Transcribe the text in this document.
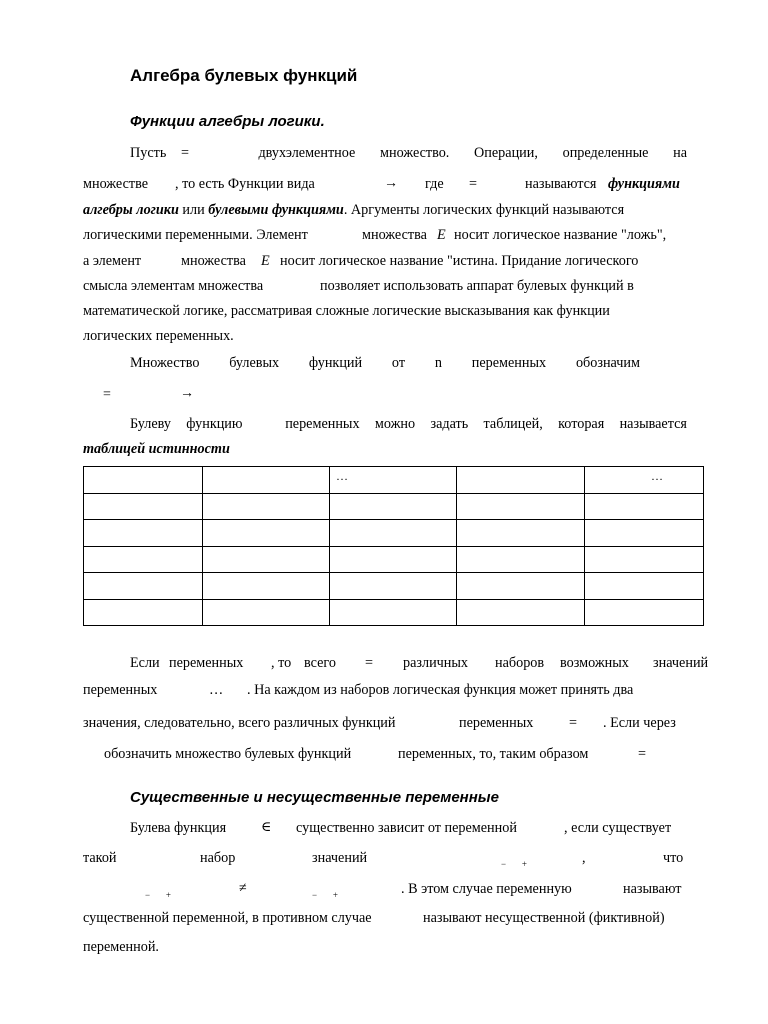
Алгебра булевых функций
Функции алгебры логики.
Пусть =	двухэлементное множество. Операции, определенные на
множестве , то есть Функции вида	→ где =	называются функциями
алгебры логики или булевыми функциями. Аргументы логических функций называются
логическими переменными. Элемент	множества E носит логическое название "ложь",
а элемент	множества E носит логическое название "истина. Придание логического
смысла элементам множества	позволяет использовать аппарат булевых функций в
математической логике, рассматривая сложные логические высказывания как функции
логических переменных.
Множество булевых функций от n переменных обозначим
=	→
Булеву функцию	переменных можно задать таблицей, которая называется
таблицей истинности
		…		…

Если переменных , то всего = различных наборов возможных значений
переменных	… . На каждом из наборов логическая функция может принять два
значения, следовательно, всего различных функций	переменных	= . Если через
обозначить множество булевых функций	переменных, то, таким образом	=
Существенные и несущественные переменные
Булева функция ∈ существенно зависит от переменной	, если существует
такой	набор	значений	−       +	,	что
−       +	≠	−       +	. В этом случае переменную	называют
существенной переменной, в противном случае	называют несущественной (фиктивной)
переменной.
